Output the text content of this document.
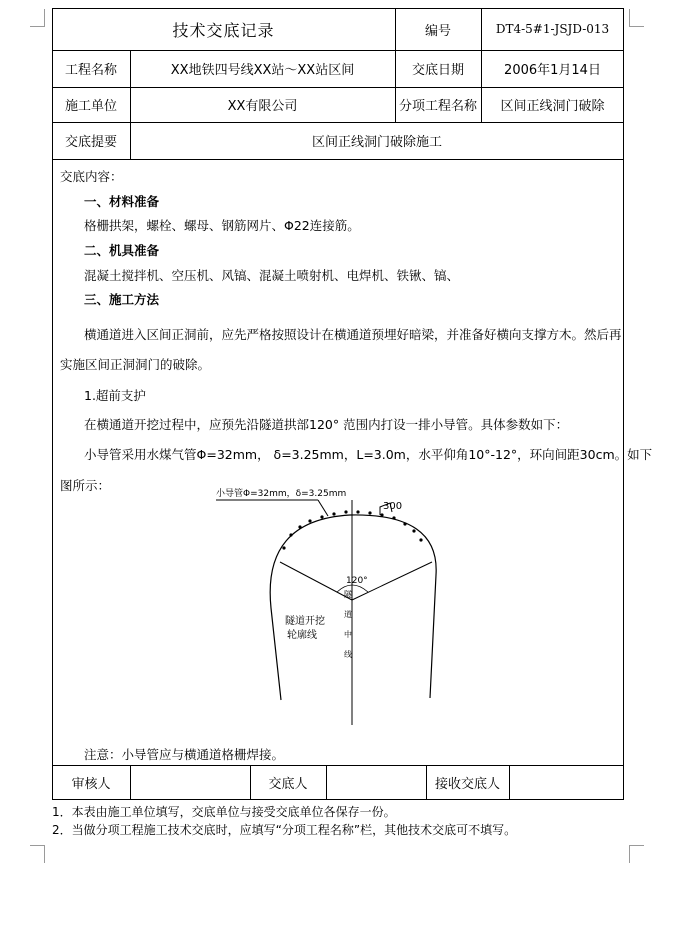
技术交底记录	编号	DT4-5#1-JSJD-013
工程名称	XX地铁四号线XX站～XX站区间	交底日期	2006年1月14日
施工单位	XX有限公司	分项工程名称	区间正线洞门破除
交底提要	区间正线洞门破除施工
交底内容：
一、材料准备
格栅拱架，螺栓、螺母、钢筋网片、Φ22连接筋。
二、机具准备
混凝土搅拌机、空压机、风镐、混凝土喷射机、电焊机、铁锹、镐、
三、施工方法
横通道进入区间正洞前，应先严格按照设计在横通道预埋好暗梁，并准备好横向支撑方木。然后再
实施区间正洞洞门的破除。
1.超前支护
在横通道开挖过程中，应预先沿隧道拱部120° 范围内打设一排小导管。具体参数如下：
小导管采用水煤气管Φ=32mm， δ=3.25mm，L=3.0m，水平仰角10°-12°，环向间距30cm。如下
图所示：
小导管Φ=32mm，δ=3.25mm
300
120°
隧道开挖
轮廓线
隧
道
中
线
注意：小导管应与横通道格栅焊接。
审核人	交底人	接收交底人
1．本表由施工单位填写，交底单位与接受交底单位各保存一份。
2．当做分项工程施工技术交底时，应填写“分项工程名称”栏，其他技术交底可不填写。
